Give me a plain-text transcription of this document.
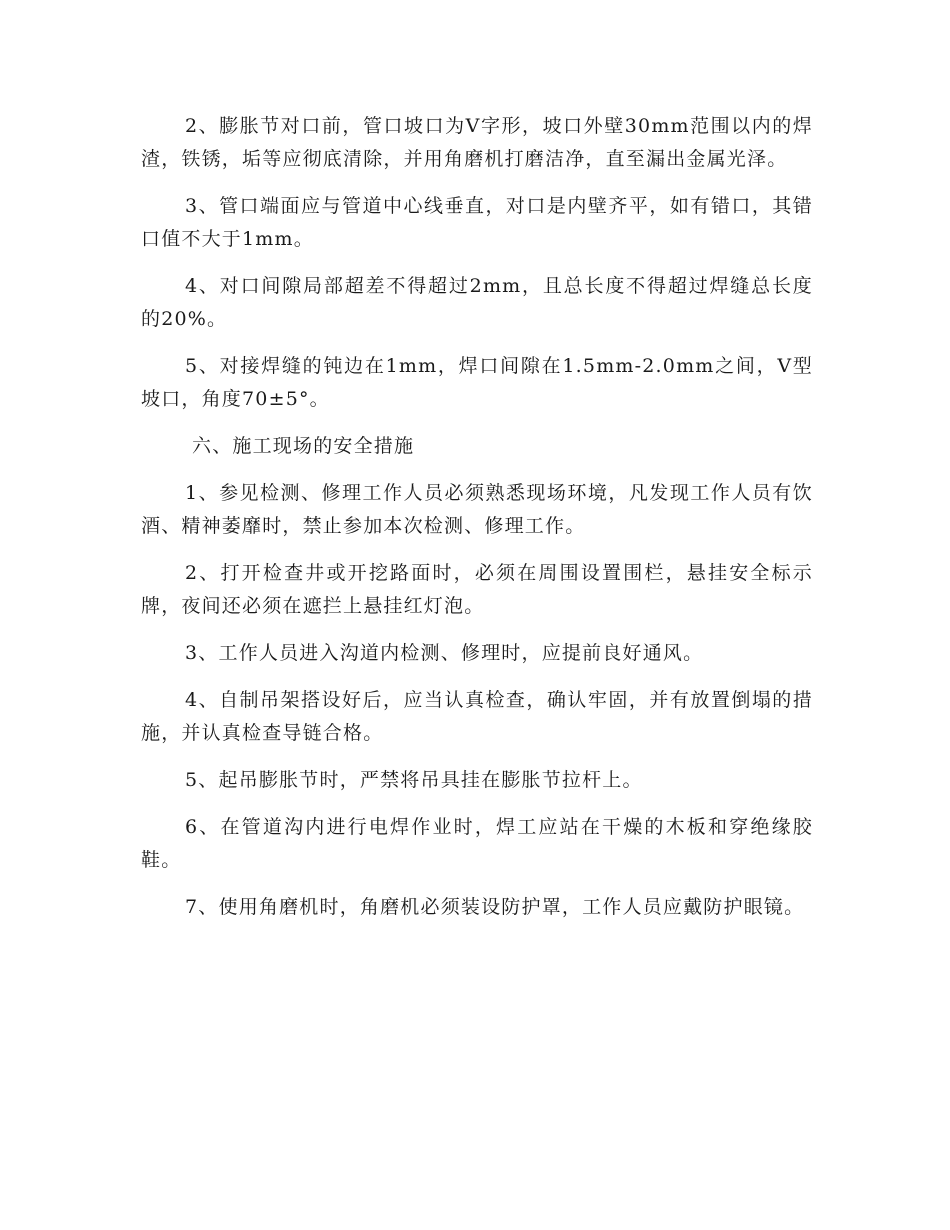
2、膨胀节对口前，管口坡口为V字形，坡口外壁30mm范围以内的焊渣，铁锈，垢等应彻底清除，并用角磨机打磨洁净，直至漏出金属光泽。

3、管口端面应与管道中心线垂直，对口是内壁齐平，如有错口，其错口值不大于1mm。

4、对口间隙局部超差不得超过2mm，且总长度不得超过焊缝总长度的20%。

5、对接焊缝的钝边在1mm，焊口间隙在1.5mm-2.0mm之间，V型坡口，角度70±5°。

六、施工现场的安全措施

1、参见检测、修理工作人员必须熟悉现场环境，凡发现工作人员有饮酒、精神萎靡时，禁止参加本次检测、修理工作。

2、打开检查井或开挖路面时，必须在周围设置围栏，悬挂安全标示牌，夜间还必须在遮拦上悬挂红灯泡。

3、工作人员进入沟道内检测、修理时，应提前良好通风。

4、自制吊架搭设好后，应当认真检查，确认牢固，并有放置倒塌的措施，并认真检查导链合格。

5、起吊膨胀节时，严禁将吊具挂在膨胀节拉杆上。

6、在管道沟内进行电焊作业时，焊工应站在干燥的木板和穿绝缘胶鞋。

7、使用角磨机时，角磨机必须装设防护罩，工作人员应戴防护眼镜。
